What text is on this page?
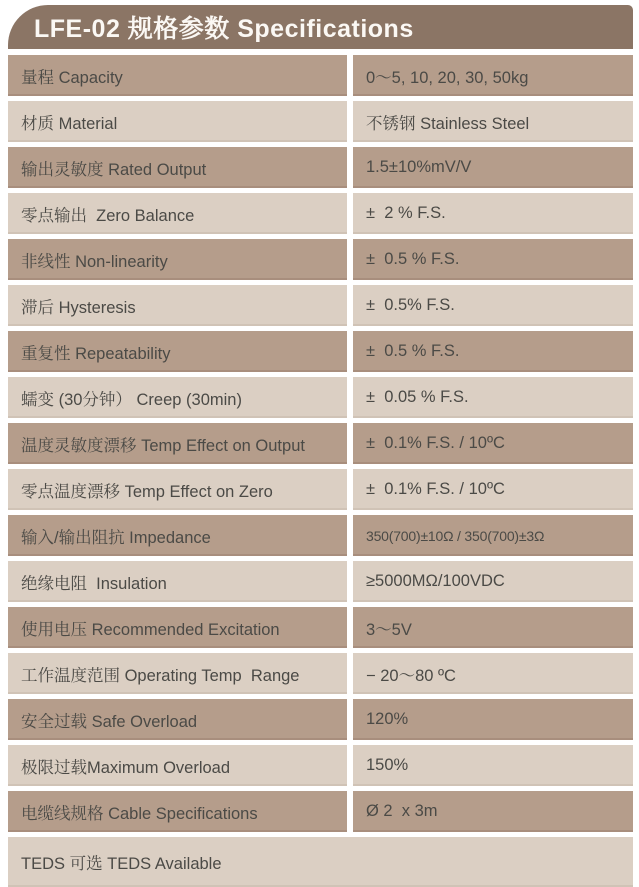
LFE-02 规格参数 Specifications
量程 Capacity	0～5, 10, 20, 30, 50kg
材质 Material	不锈钢 Stainless Steel
输出灵敏度 Rated Output	1.5±10%mV/V
零点输出  Zero Balance	±  2 % F.S.
非线性 Non-linearity	±  0.5 % F.S.
滞后 Hysteresis	±  0.5% F.S.
重复性 Repeatability	±  0.5 % F.S.
蠕变 (30分钟） Creep (30min)	±  0.05 % F.S.
温度灵敏度漂移 Temp Effect on Output	±  0.1% F.S. / 10ºC
零点温度漂移 Temp Effect on Zero	±  0.1% F.S. / 10ºC
输入/输出阻抗 Impedance	350(700)±10Ω / 350(700)±3Ω
绝缘电阻  Insulation	≥5000MΩ/100VDC
使用电压 Recommended Excitation	3～5V
工作温度范围 Operating Temp  Range	− 20～80 ºC
安全过载 Safe Overload	120%
极限过载Maximum Overload	150%
电缆线规格 Cable Specifications	Ø 2  x 3m
TEDS 可选 TEDS Available
